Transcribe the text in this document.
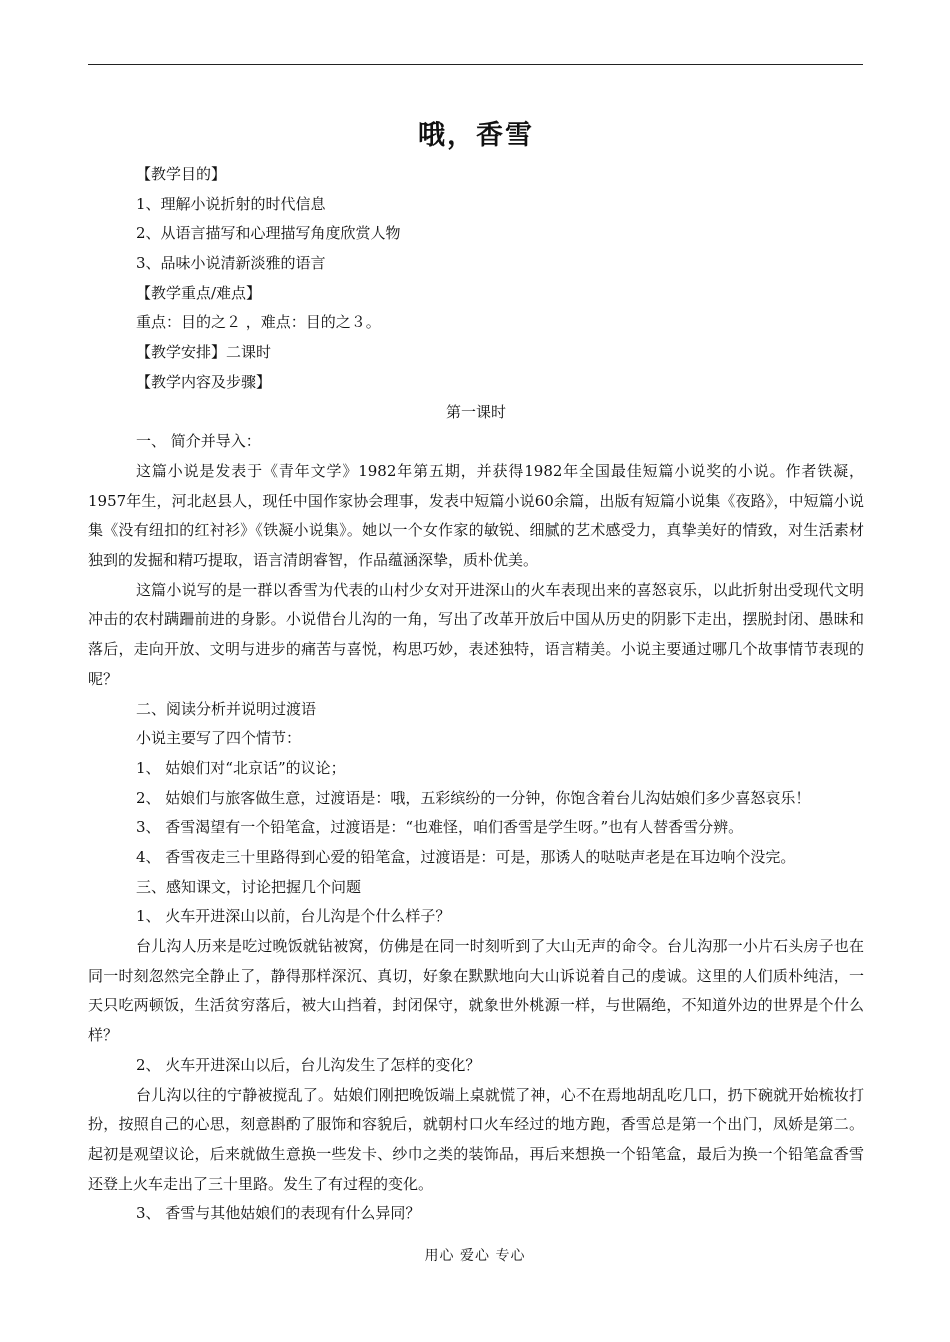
哦，香雪

【教学目的】

1、理解小说折射的时代信息

2、从语言描写和心理描写角度欣赏人物

3、品味小说清新淡雅的语言

【教学重点/难点】

重点：目的之２ ，难点：目的之３。

【教学安排】二课时

【教学内容及步骤】

第一课时

一、 简介并导入：

这篇小说是发表于《青年文学》1982年第五期，并获得1982年全国最佳短篇小说奖的小说。作者铁凝，1957年生，河北赵县人，现任中国作家协会理事，发表中短篇小说60余篇，出版有短篇小说集《夜路》，中短篇小说集《没有纽扣的红衬衫》《铁凝小说集》。她以一个女作家的敏锐、细腻的艺术感受力，真挚美好的情致，对生活素材独到的发掘和精巧提取，语言清朗睿智，作品蕴涵深挚，质朴优美。

这篇小说写的是一群以香雪为代表的山村少女对开进深山的火车表现出来的喜怒哀乐，以此折射出受现代文明冲击的农村蹒跚前进的身影。小说借台儿沟的一角，写出了改革开放后中国从历史的阴影下走出，摆脱封闭、愚昧和落后，走向开放、文明与进步的痛苦与喜悦，构思巧妙，表述独特，语言精美。小说主要通过哪几个故事情节表现的呢？

二、阅读分析并说明过渡语

小说主要写了四个情节：

1、 姑娘们对“北京话”的议论；

2、 姑娘们与旅客做生意，过渡语是：哦，五彩缤纷的一分钟，你饱含着台儿沟姑娘们多少喜怒哀乐！

3、 香雪渴望有一个铅笔盒，过渡语是：“也难怪，咱们香雪是学生呀。”也有人替香雪分辨。

4、 香雪夜走三十里路得到心爱的铅笔盒，过渡语是：可是，那诱人的哒哒声老是在耳边响个没完。

三、感知课文，讨论把握几个问题

1、 火车开进深山以前，台儿沟是个什么样子？

台儿沟人历来是吃过晚饭就钻被窝，仿佛是在同一时刻听到了大山无声的命令。台儿沟那一小片石头房子也在同一时刻忽然完全静止了，静得那样深沉、真切，好象在默默地向大山诉说着自己的虔诚。这里的人们质朴纯洁，一天只吃两顿饭，生活贫穷落后，被大山挡着，封闭保守，就象世外桃源一样，与世隔绝，不知道外边的世界是个什么样？

2、 火车开进深山以后，台儿沟发生了怎样的变化？

台儿沟以往的宁静被搅乱了。姑娘们刚把晚饭端上桌就慌了神，心不在焉地胡乱吃几口，扔下碗就开始梳妆打扮，按照自己的心思，刻意斟酌了服饰和容貌后，就朝村口火车经过的地方跑，香雪总是第一个出门，凤娇是第二。起初是观望议论，后来就做生意换一些发卡、纱巾之类的装饰品，再后来想换一个铅笔盒，最后为换一个铅笔盒香雪还登上火车走出了三十里路。发生了有过程的变化。

3、 香雪与其他姑娘们的表现有什么异同？

用心 爱心 专心
